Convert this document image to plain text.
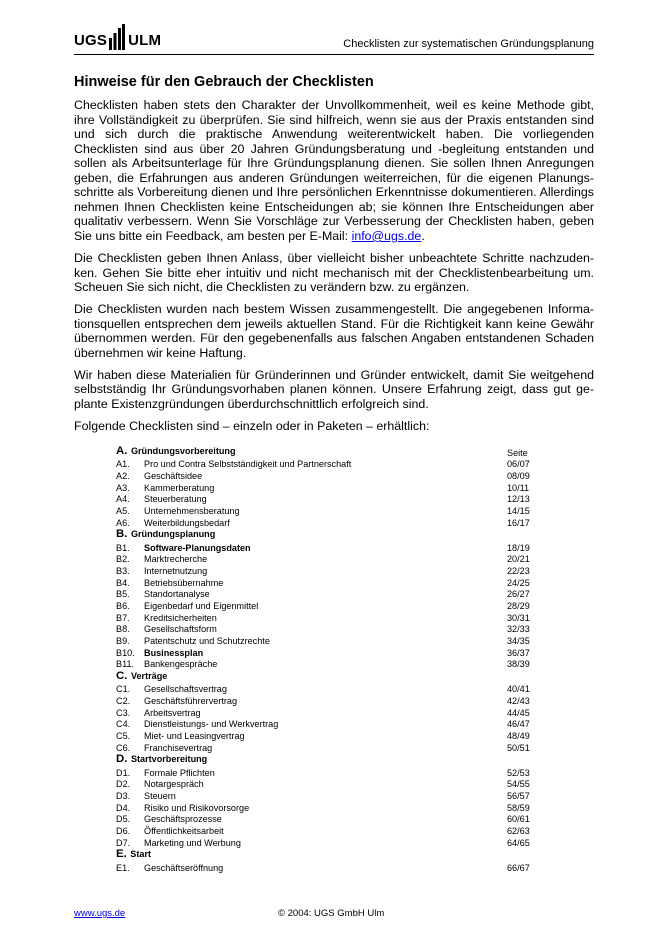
UGS ULM	Checklisten zur systematischen Gründungsplanung
Hinweise für den Gebrauch der Checklisten

Checklisten haben stets den Charakter der Unvollkommenheit, weil es keine Methode gibt, ihre Vollständigkeit zu überprüfen. Sie sind hilfreich, wenn sie aus der Praxis entstanden sind und sich durch die praktische Anwendung weiterentwickelt haben. Die vorliegenden Checklisten sind aus über 20 Jahren Gründungsberatung und -begleitung entstanden und sollen als Arbeitsunterlage für Ihre Gründungsplanung dienen. Sie sollen Ihnen Anregungen geben, die Erfahrungen aus anderen Gründungen weiterreichen, für die eigenen Planungsschritte als Vorbereitung dienen und Ihre persönlichen Erkenntnisse dokumentieren. Allerdings nehmen Ihnen Checklisten keine Entscheidungen ab; sie können Ihre Entscheidungen aber qualitativ verbessern. Wenn Sie Vorschläge zur Verbesserung der Checklisten haben, geben Sie uns bitte ein Feedback, am besten per E-Mail: info@ugs.de.

Die Checklisten geben Ihnen Anlass, über vielleicht bisher unbeachtete Schritte nachzudenken. Gehen Sie bitte eher intuitiv und nicht mechanisch mit der Checklistenbearbeitung um. Scheuen Sie sich nicht, die Checklisten zu verändern bzw. zu ergänzen.

Die Checklisten wurden nach bestem Wissen zusammengestellt. Die angegebenen Informationsquellen entsprechen dem jeweils aktuellen Stand. Für die Richtigkeit kann keine Gewähr übernommen werden. Für den gegebenenfalls aus falschen Angaben entstandenen Schaden übernehmen wir keine Haftung.

Wir haben diese Materialien für Gründerinnen und Gründer entwickelt, damit Sie weitgehend selbstständig Ihr Gründungsvorhaben planen können. Unsere Erfahrung zeigt, dass gut geplante Existenzgründungen überdurchschnittlich erfolgreich sind.

Folgende Checklisten sind – einzeln oder in Paketen – erhältlich:

A. Gründungsvorbereitung	Seite
A1. Pro und Contra Selbstständigkeit und Partnerschaft	06/07
A2. Geschäftsidee	08/09
A3. Kammerberatung	10/11
A4. Steuerberatung	12/13
A5. Unternehmensberatung	14/15
A6. Weiterbildungsbedarf	16/17
B. Gründungsplanung
B1. Software-Planungsdaten	18/19
B2. Marktrecherche	20/21
B3. Internetnutzung	22/23
B4. Betriebsübernahme	24/25
B5. Standortanalyse	26/27
B6. Eigenbedarf und Eigenmittel	28/29
B7. Kreditsicherheiten	30/31
B8. Gesellschaftsform	32/33
B9. Patentschutz und Schutzrechte	34/35
B10. Businessplan	36/37
B11. Bankengespräche	38/39
C. Verträge
C1. Gesellschaftsvertrag	40/41
C2. Geschäftsführervertrag	42/43
C3. Arbeitsvertrag	44/45
C4. Dienstleistungs- und Werkvertrag	46/47
C5. Miet- und Leasingvertrag	48/49
C6. Franchisevertrag	50/51
D. Startvorbereitung
D1. Formale Pflichten	52/53
D2. Notargespräch	54/55
D3. Steuern	56/57
D4. Risiko und Risikovorsorge	58/59
D5. Geschäftsprozesse	60/61
D6. Öffentlichkeitsarbeit	62/63
D7. Marketing und Werbung	64/65
E. Start
E1. Geschäftseröffnung	66/67
www.ugs.de	© 2004: UGS GmbH Ulm
